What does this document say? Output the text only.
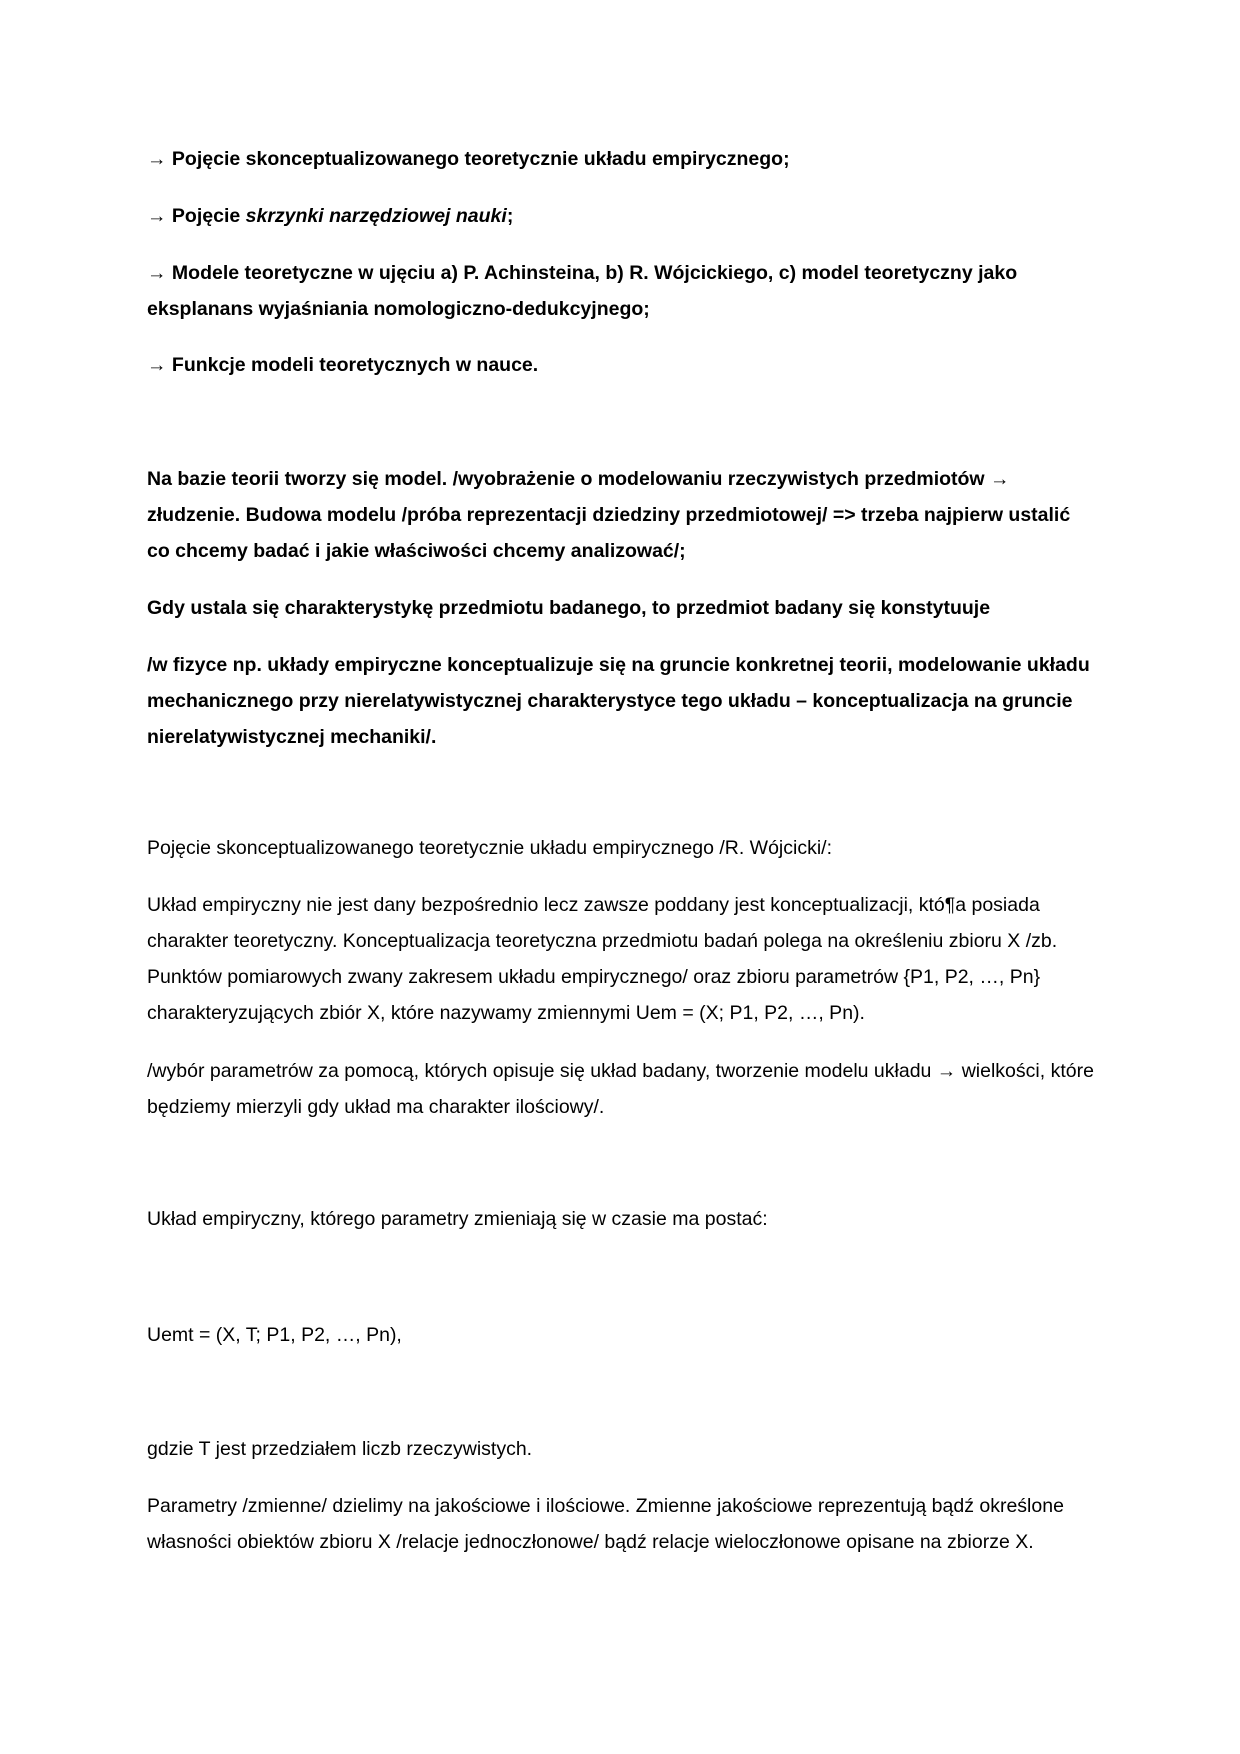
→ Pojęcie skonceptualizowanego teoretycznie układu empirycznego;

→ Pojęcie skrzynki narzędziowej nauki;

→ Modele teoretyczne w ujęciu a) P. Achinsteina, b) R. Wójcickiego, c) model teoretyczny jako eksplanans wyjaśniania nomologiczno-dedukcyjnego;

→ Funkcje modeli teoretycznych w nauce.

Na bazie teorii tworzy się model. /wyobrażenie o modelowaniu rzeczywistych przedmiotów → złudzenie. Budowa modelu /próba reprezentacji dziedziny przedmiotowej/ => trzeba najpierw ustalić co chcemy badać i jakie właściwości chcemy analizować/;

Gdy ustala się charakterystykę przedmiotu badanego, to przedmiot badany się konstytuuje

/w fizyce np. układy empiryczne konceptualizuje się na gruncie konkretnej teorii, modelowanie układu mechanicznego przy nierelatywistycznej charakterystyce tego układu – konceptualizacja na gruncie nierelatywistycznej mechaniki/.

Pojęcie skonceptualizowanego teoretycznie układu empirycznego /R. Wójcicki/:

Układ empiryczny nie jest dany bezpośrednio lecz zawsze poddany jest konceptualizacji, któ¶a posiada charakter teoretyczny. Konceptualizacja teoretyczna przedmiotu badań polega na określeniu zbioru X /zb. Punktów pomiarowych zwany zakresem układu empirycznego/ oraz zbioru parametrów {P1, P2, …, Pn} charakteryzujących zbiór X, które nazywamy zmiennymi Uem = (X; P1, P2, …, Pn).

/wybór parametrów za pomocą, których opisuje się układ badany, tworzenie modelu układu → wielkości, które będziemy mierzyli gdy układ ma charakter ilościowy/.

Układ empiryczny, którego parametry zmieniają się w czasie ma postać:

Uemt = (X, T; P1, P2, …, Pn),

gdzie T jest przedziałem liczb rzeczywistych.

Parametry /zmienne/ dzielimy na jakościowe i ilościowe. Zmienne jakościowe reprezentują bądź określone własności obiektów zbioru X /relacje jednoczłonowe/ bądź relacje wieloczłonowe opisane na zbiorze X.
